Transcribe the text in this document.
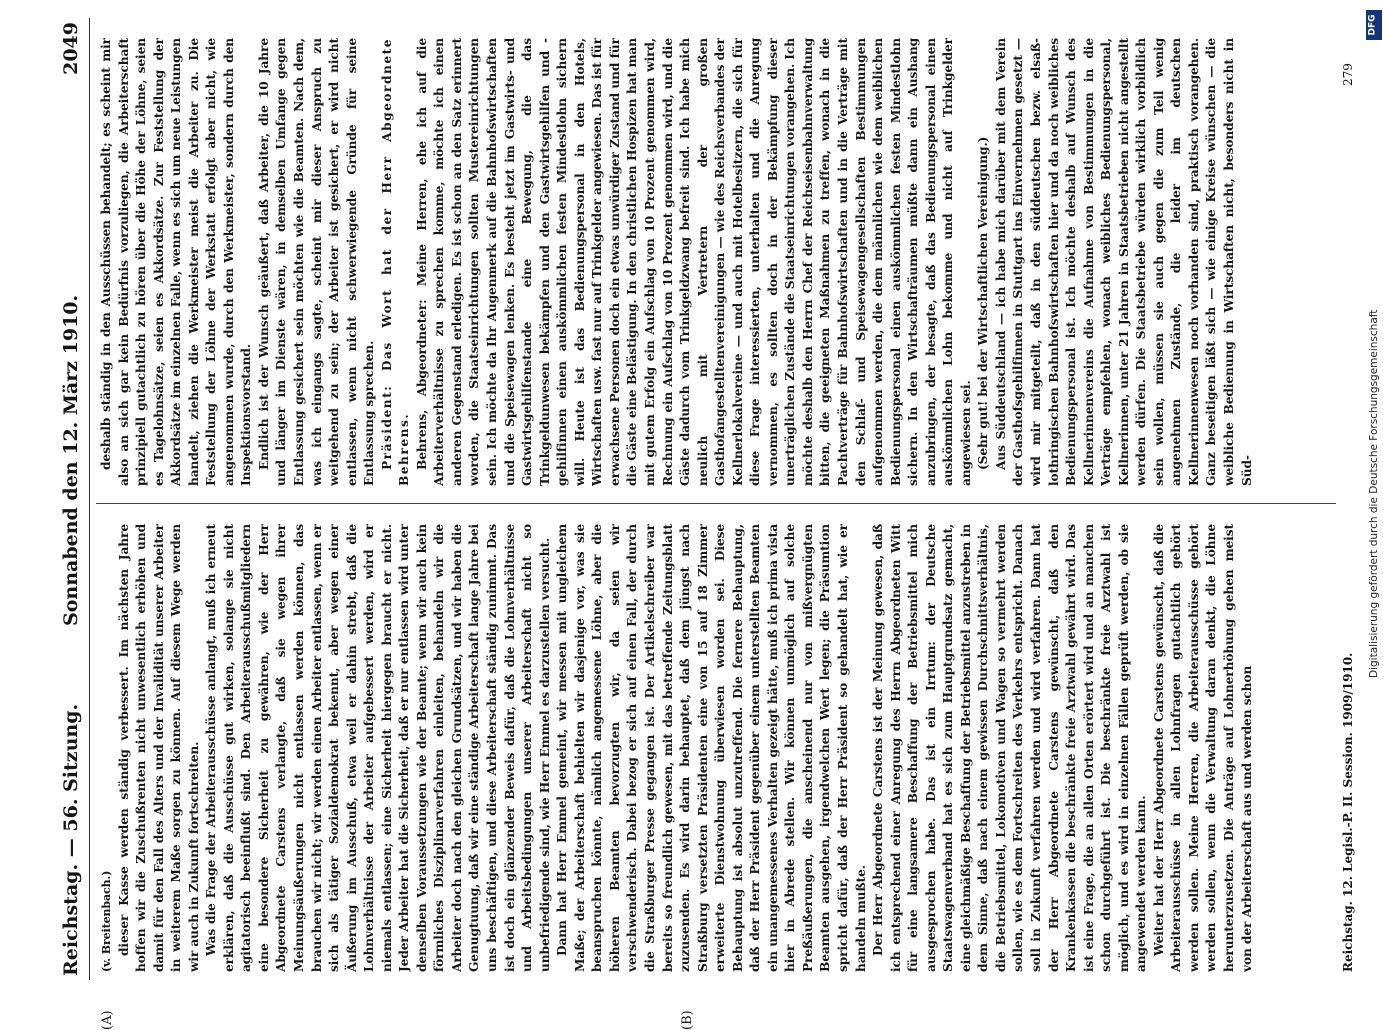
Reichstag. — 56. Sitzung.
Sonnabend den 12. März 1910.
2049
(A)	(B)

(v. Breitenbach.) dieser Kasse werden ständig verbessert. Im nächsten Jahre hoffen wir die Zuschußrenten nicht unwesentlich erhöhen und damit für den Fall des Alters und der Invalidität unserer Arbeiter in weiterem Maße sorgen zu können. Auf diesem Wege werden wir auch in Zukunft fortschreiten. Was die Frage der Arbeiterausschüsse anlangt, muß ich erneut erklären, daß die Ausschüsse gut wirken, solange sie nicht agitatorisch beeinflußt sind. Den Arbeiterausschußmitgliedern eine besondere Sicherheit zu gewähren, wie der Herr Abgeordnete Carstens verlangte, daß sie wegen ihrer Meinungsäußerungen nicht entlassen werden können, das brauchen wir nicht; wir werden einen Arbeiter entlassen, wenn er sich als tätiger Sozialdemokrat bekennt, aber wegen einer Äußerung im Ausschuß, etwa weil er dahin strebt, daß die Lohnverhältnisse der Arbeiter aufgebessert werden, wird er niemals entlassen; eine Sicherheit hiergegen braucht er nicht. Jeder Arbeiter hat die Sicherheit, daß er nur entlassen wird unter denselben Voraussetzungen wie der Beamte; wenn wir auch kein förmliches Disziplinarverfahren einleiten, behandeln wir die Arbeiter doch nach den gleichen Grundsätzen, und wir haben die Genugtuung, daß wir eine ständige Arbeiterschaft lange Jahre bei uns beschäftigen, und diese Arbeiterschaft ständig zunimmt. Das ist doch ein glänzender Beweis dafür, daß die Lohnverhältnisse und Arbeitsbedingungen unserer Arbeiterschaft nicht so unbefriedigende sind, wie Herr Emmel es darzustellen versucht. Dann hat Herr Emmel gemeint, wir messen mit ungleichem Maße; der Arbeiterschaft behielten wir dasjenige vor, was sie beanspruchen könnte, nämlich angemessene Löhne, aber die höheren Beamten bevorzugten wir, da seien wir verschwenderisch. Dabei bezog er sich auf einen Fall, der durch die Straßburger Presse gegangen ist. Der Artikelschreiber war bereits so freundlich gewesen, mit das betreffende Zeitungsblatt zuzusenden. Es wird darin behauptet, daß dem jüngst nach Straßburg versetzten Präsidenten eine von 15 auf 18 Zimmer erweiterte Dienstwohnung überwiesen worden sei. Diese Behauptung ist absolut unzutreffend. Die fernere Behauptung, daß der Herr Präsident gegenüber einem unterstellten Beamten ein unangemessenes Verhalten gezeigt hätte, muß ich prima vista hier in Abrede stellen. Wir können unmöglich auf solche Preßäußerungen, die anscheinend nur von mißvergnügten Beamten ausgehen, irgendwelchen Wert legen; die Präsumtion spricht dafür, daß der Herr Präsident so gehandelt hat, wie er handeln mußte. Der Herr Abgeordnete Carstens ist der Meinung gewesen, daß ich entsprechend einer Anregung des Herrn Abgeordneten Witt für eine langsamere Beschaffung der Betriebsmittel mich ausgesprochen habe. Das ist ein Irrtum: der Deutsche Staatswagenverband hat es sich zum Hauptgrundsatz gemacht, eine gleichmäßige Beschaffung der Betriebsmittel anzustreben in dem Sinne, daß nach einem gewissen Durchschnittsverhältnis, die Betriebsmittel, Lokomotiven und Wagen so vermehrt werden sollen, wie es dem Fortschreiten des Verkehrs entspricht. Danach soll in Zukunft verfahren werden und wird verfahren. Dann hat der Herr Abgeordnete Carstens gewünscht, daß den Krankenkassen die beschränkte freie Arztwahl gewährt wird. Das ist eine Frage, die an allen Orten erörtert wird und an manchen schon durchgeführt ist. Die beschränkte freie Arztwahl ist möglich, und es wird in einzelnen Fällen geprüft werden, ob sie angewendet werden kann. Weiter hat der Herr Abgeordnete Carstens gewünscht, daß die Arbeiterausschüsse in allen Lohnfragen gutachtlich gehört werden sollen. Meine Herren, die Arbeiterausschüsse gehört werden sollen, wenn die Verwaltung daran denkt, die Löhne herunterzusetzen. Die Anträge auf Lohnerhöhung gehen meist von der Arbeiterschaft aus und werden schon

deshalb ständig in den Ausschüssen behandelt; es scheint mir also an sich gar kein Bedürfnis vorzuliegen, die Arbeiterschaft prinzipiell gutachtlich zu hören über die Höhe der Löhne, seien es Tagelohnsätze, seien es Akkordsätze. Zur Feststellung der Akkordsätze im einzelnen Falle, wenn es sich um neue Leistungen handelt, ziehen die Werkmeister meist die Arbeiter zu. Die Feststellung der Löhne der Werkstatt erfolgt aber nicht, wie angenommen wurde, durch den Werkmeister, sondern durch den Inspektionsvorstand. Endlich ist der Wunsch geäußert, daß Arbeiter, die 10 Jahre und länger im Dienste wären, in demselben Umfange gegen Entlassung gesichert sein möchten wie die Beamten. Nach dem, was ich eingangs sagte, scheint mir dieser Anspruch zu weitgehend zu sein; der Arbeiter ist gesichert, er wird nicht entlassen, wenn nicht schwerwiegende Gründe für seine Entlassung sprechen. Präsident: Das Wort hat der Herr Abgeordnete Behrens. Behrens, Abgeordneter: Meine Herren, ehe ich auf die Arbeiterverhältnisse zu sprechen komme, möchte ich einen anderen Gegenstand erledigen. Es ist schon an den Satz erinnert worden, die Staatseinrichtungen sollten Mustereinrichtungen sein. Ich möchte da Ihr Augenmerk auf die Bahnhofswirtschaften und die Speisewagen lenken. Es besteht jetzt im Gastwirts- und Gastwirtsgehilfenstande eine Bewegung, die das Trinkgeldunwesen bekämpfen und den Gastwirtsgehilfen und -gehilfinnen einen auskömmlichen festen Mindestlohn sichern will. Heute ist das Bedienungspersonal in den Hotels, Wirtschaften usw. fast nur auf Trinkgelder angewiesen. Das ist für erwachsene Personen doch ein etwas unwürdiger Zustand und für die Gäste eine Belästigung. In den christlichen Hospizen hat man mit gutem Erfolg ein Aufschlag von 10 Prozent genommen wird, Rechnung ein Aufschlag von 10 Prozent genommen wird, und die Gäste dadurch vom Trinkgeldzwang befreit sind. Ich habe mich neulich mit Vertretern der großen Gasthofangestelltenvereinigungen — wie des Reichsverbandes der Kellnerlokalvereine — und auch mit Hotelbesitzern, die sich für diese Frage interessierten, unterhalten und die Anregung vernommen, es sollten doch in der Bekämpfung dieser unerträglichen Zustände die Staatseinrichtungen vorangehen. Ich möchte deshalb den Herrn Chef der Reichseisenbahnverwaltung bitten, die geeigneten Maßnahmen zu treffen, wonach in die Pachtverträge für Bahnhofswirtschaften und in die Verträge mit den Schlaf- und Speisewagengesellschaften Bestimmungen aufgenommen werden, die dem männlichen wie dem weiblichen Bedienungspersonal einen auskömmlichen festen Mindestlohn sichern. In den Wirtschafträumen müßte dann ein Aushang anzubringen, der besagte, daß das Bedienungspersonal einen auskömmlichen Lohn bekomme und nicht auf Trinkgelder angewiesen sei. (Sehr gut! bei der Wirtschaftlichen Vereinigung.) Aus Süddeutschland — ich habe mich darüber mit dem Verein der Gasthofsgehilfinnen in Stuttgart ins Einvernehmen gesetzt — wird mir mitgeteilt, daß in den süddeutschen bezw. elsaß-lothringischen Bahnhofswirtschaften hier und da noch weibliches Bedienungspersonal ist. Ich möchte deshalb auf Wunsch des Kellnerinnenvereins die Aufnahme von Bestimmungen in die Verträge empfehlen, wonach weibliches Bedienungspersonal, Kellnerinnen, unter 21 Jahren in Staatsbetrieben nicht angestellt werden dürfen. Die Staatsbetriebe würden wirklich vorbildlich sein wollen, müssen sie auch gegen die zum Teil wenig angenehmen Zustände, die leider im deutschen Kellnerinnenwesen noch vorhanden sind, praktisch vorangehen. Ganz beseitigen läßt sich — wie einige Kreise wünschen — die weibliche Bedienung in Wirtschaften nicht, besonders nicht in Süd-

Reichstag. 12. Legisl.-P. II. Session. 1909/1910.
279
DFG
Digitalisierung gefördert durch die Deutsche Forschungsgemeinschaft
